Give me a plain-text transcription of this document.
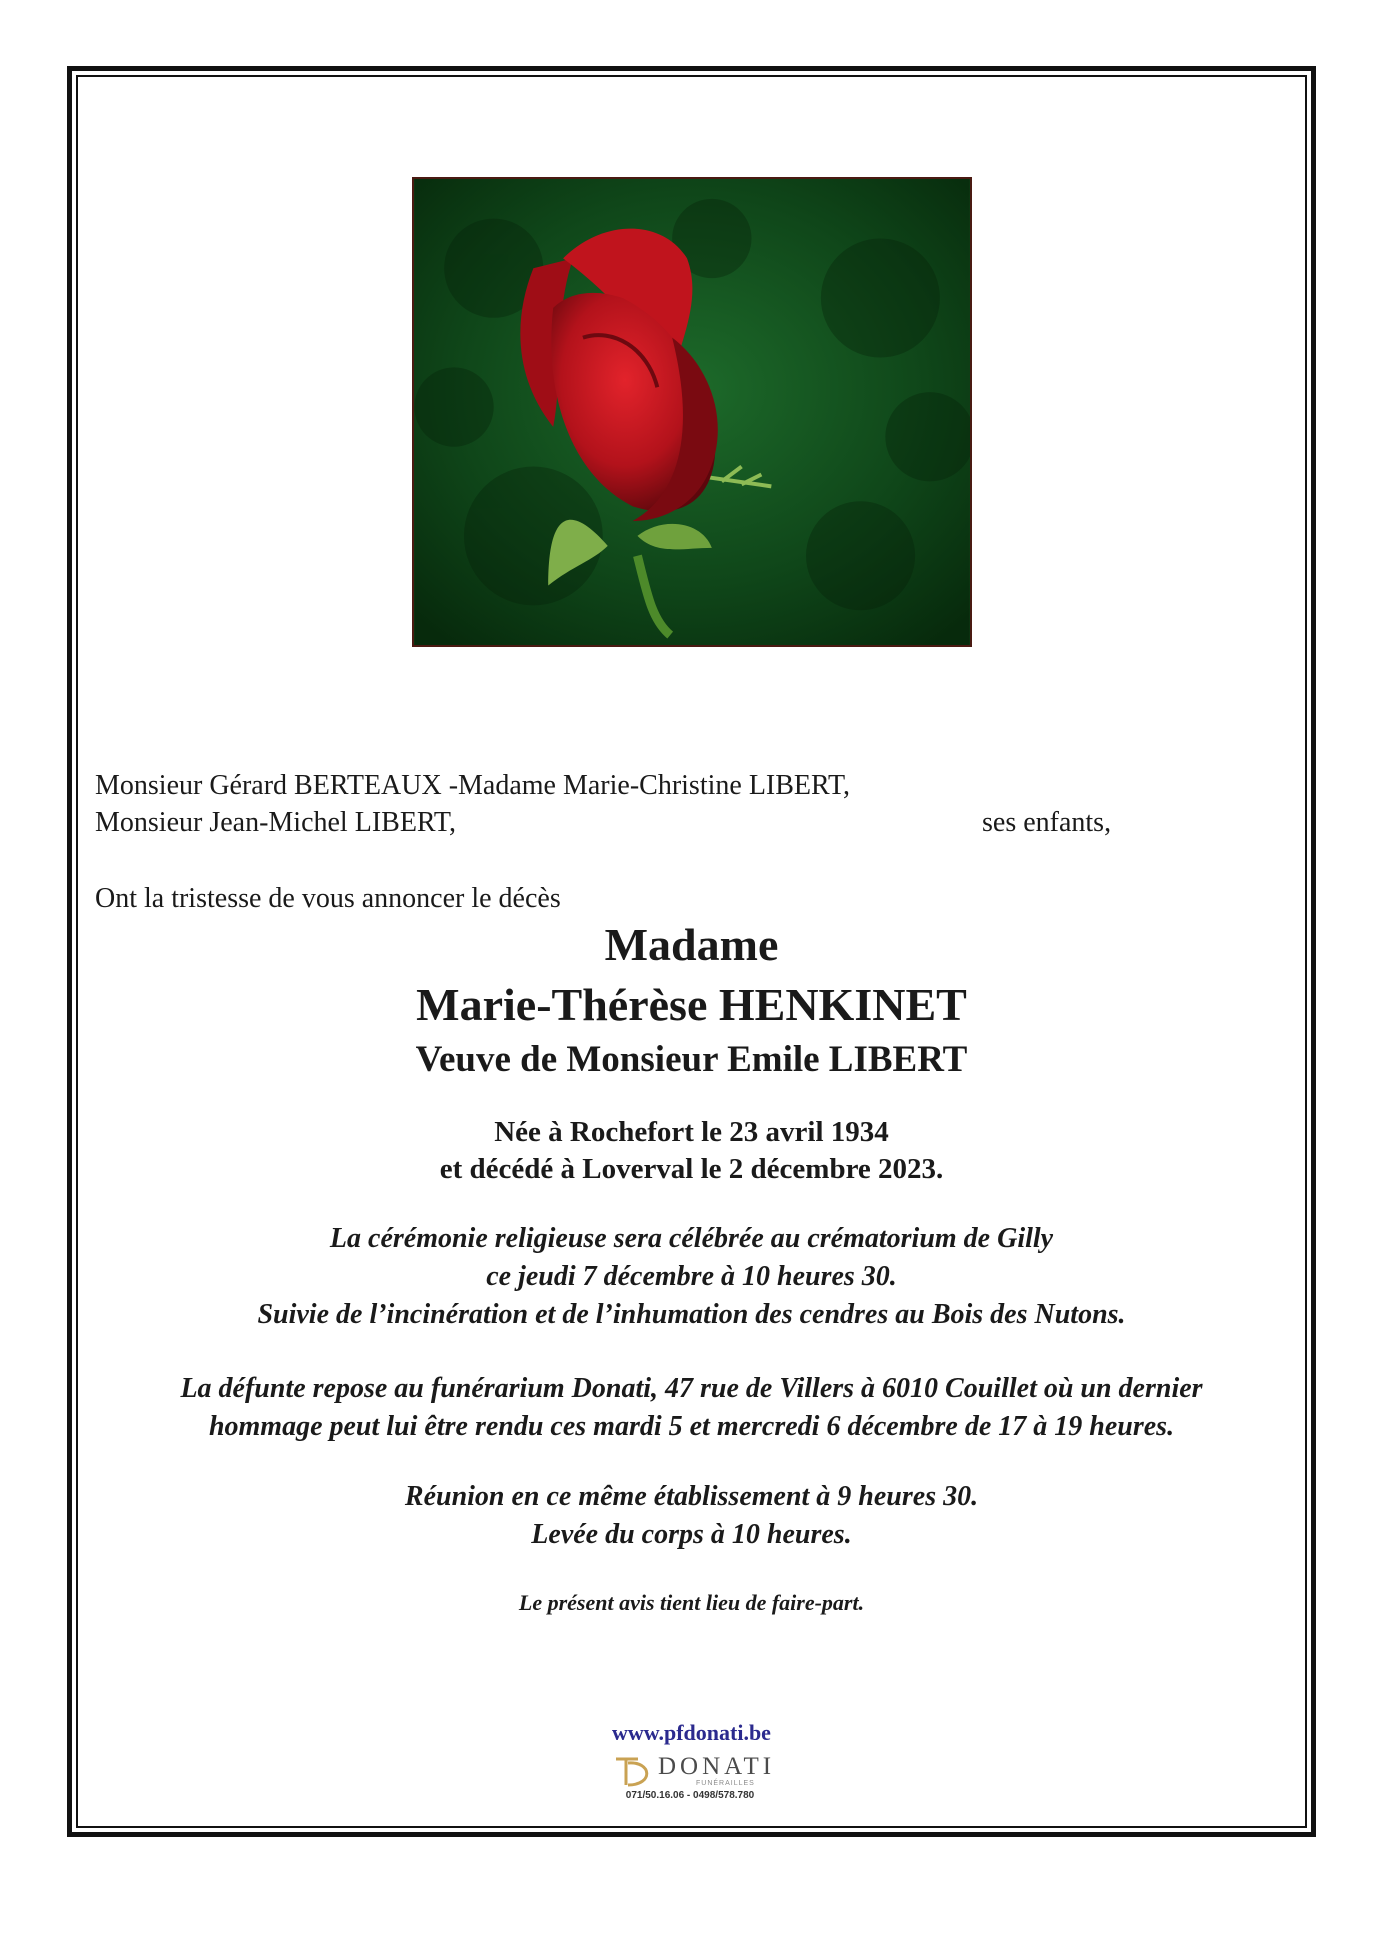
Monsieur Gérard BERTEAUX -Madame Marie-Christine LIBERT,
Monsieur Jean-Michel LIBERT,	ses enfants,
Ont la tristesse de vous annoncer le décès
Madame
Marie-Thérèse HENKINET
Veuve de Monsieur Emile LIBERT
Née à Rochefort le 23 avril 1934
et décédé à Loverval le 2 décembre 2023.
La cérémonie religieuse sera célébrée au crématorium de Gilly
ce jeudi 7 décembre à 10 heures 30.
Suivie de l’incinération et de l’inhumation des cendres au Bois des Nutons.
La défunte repose au funérarium Donati, 47 rue de Villers à 6010 Couillet où un dernier
hommage peut lui être rendu ces mardi 5 et mercredi 6 décembre de 17 à 19 heures.
Réunion en ce même établissement à 9 heures 30.
Levée du corps à 10 heures.
Le présent avis tient lieu de faire-part.
www.pfdonati.be
DONATI
FUNÉRAILLES
071/50.16.06 - 0498/578.780
